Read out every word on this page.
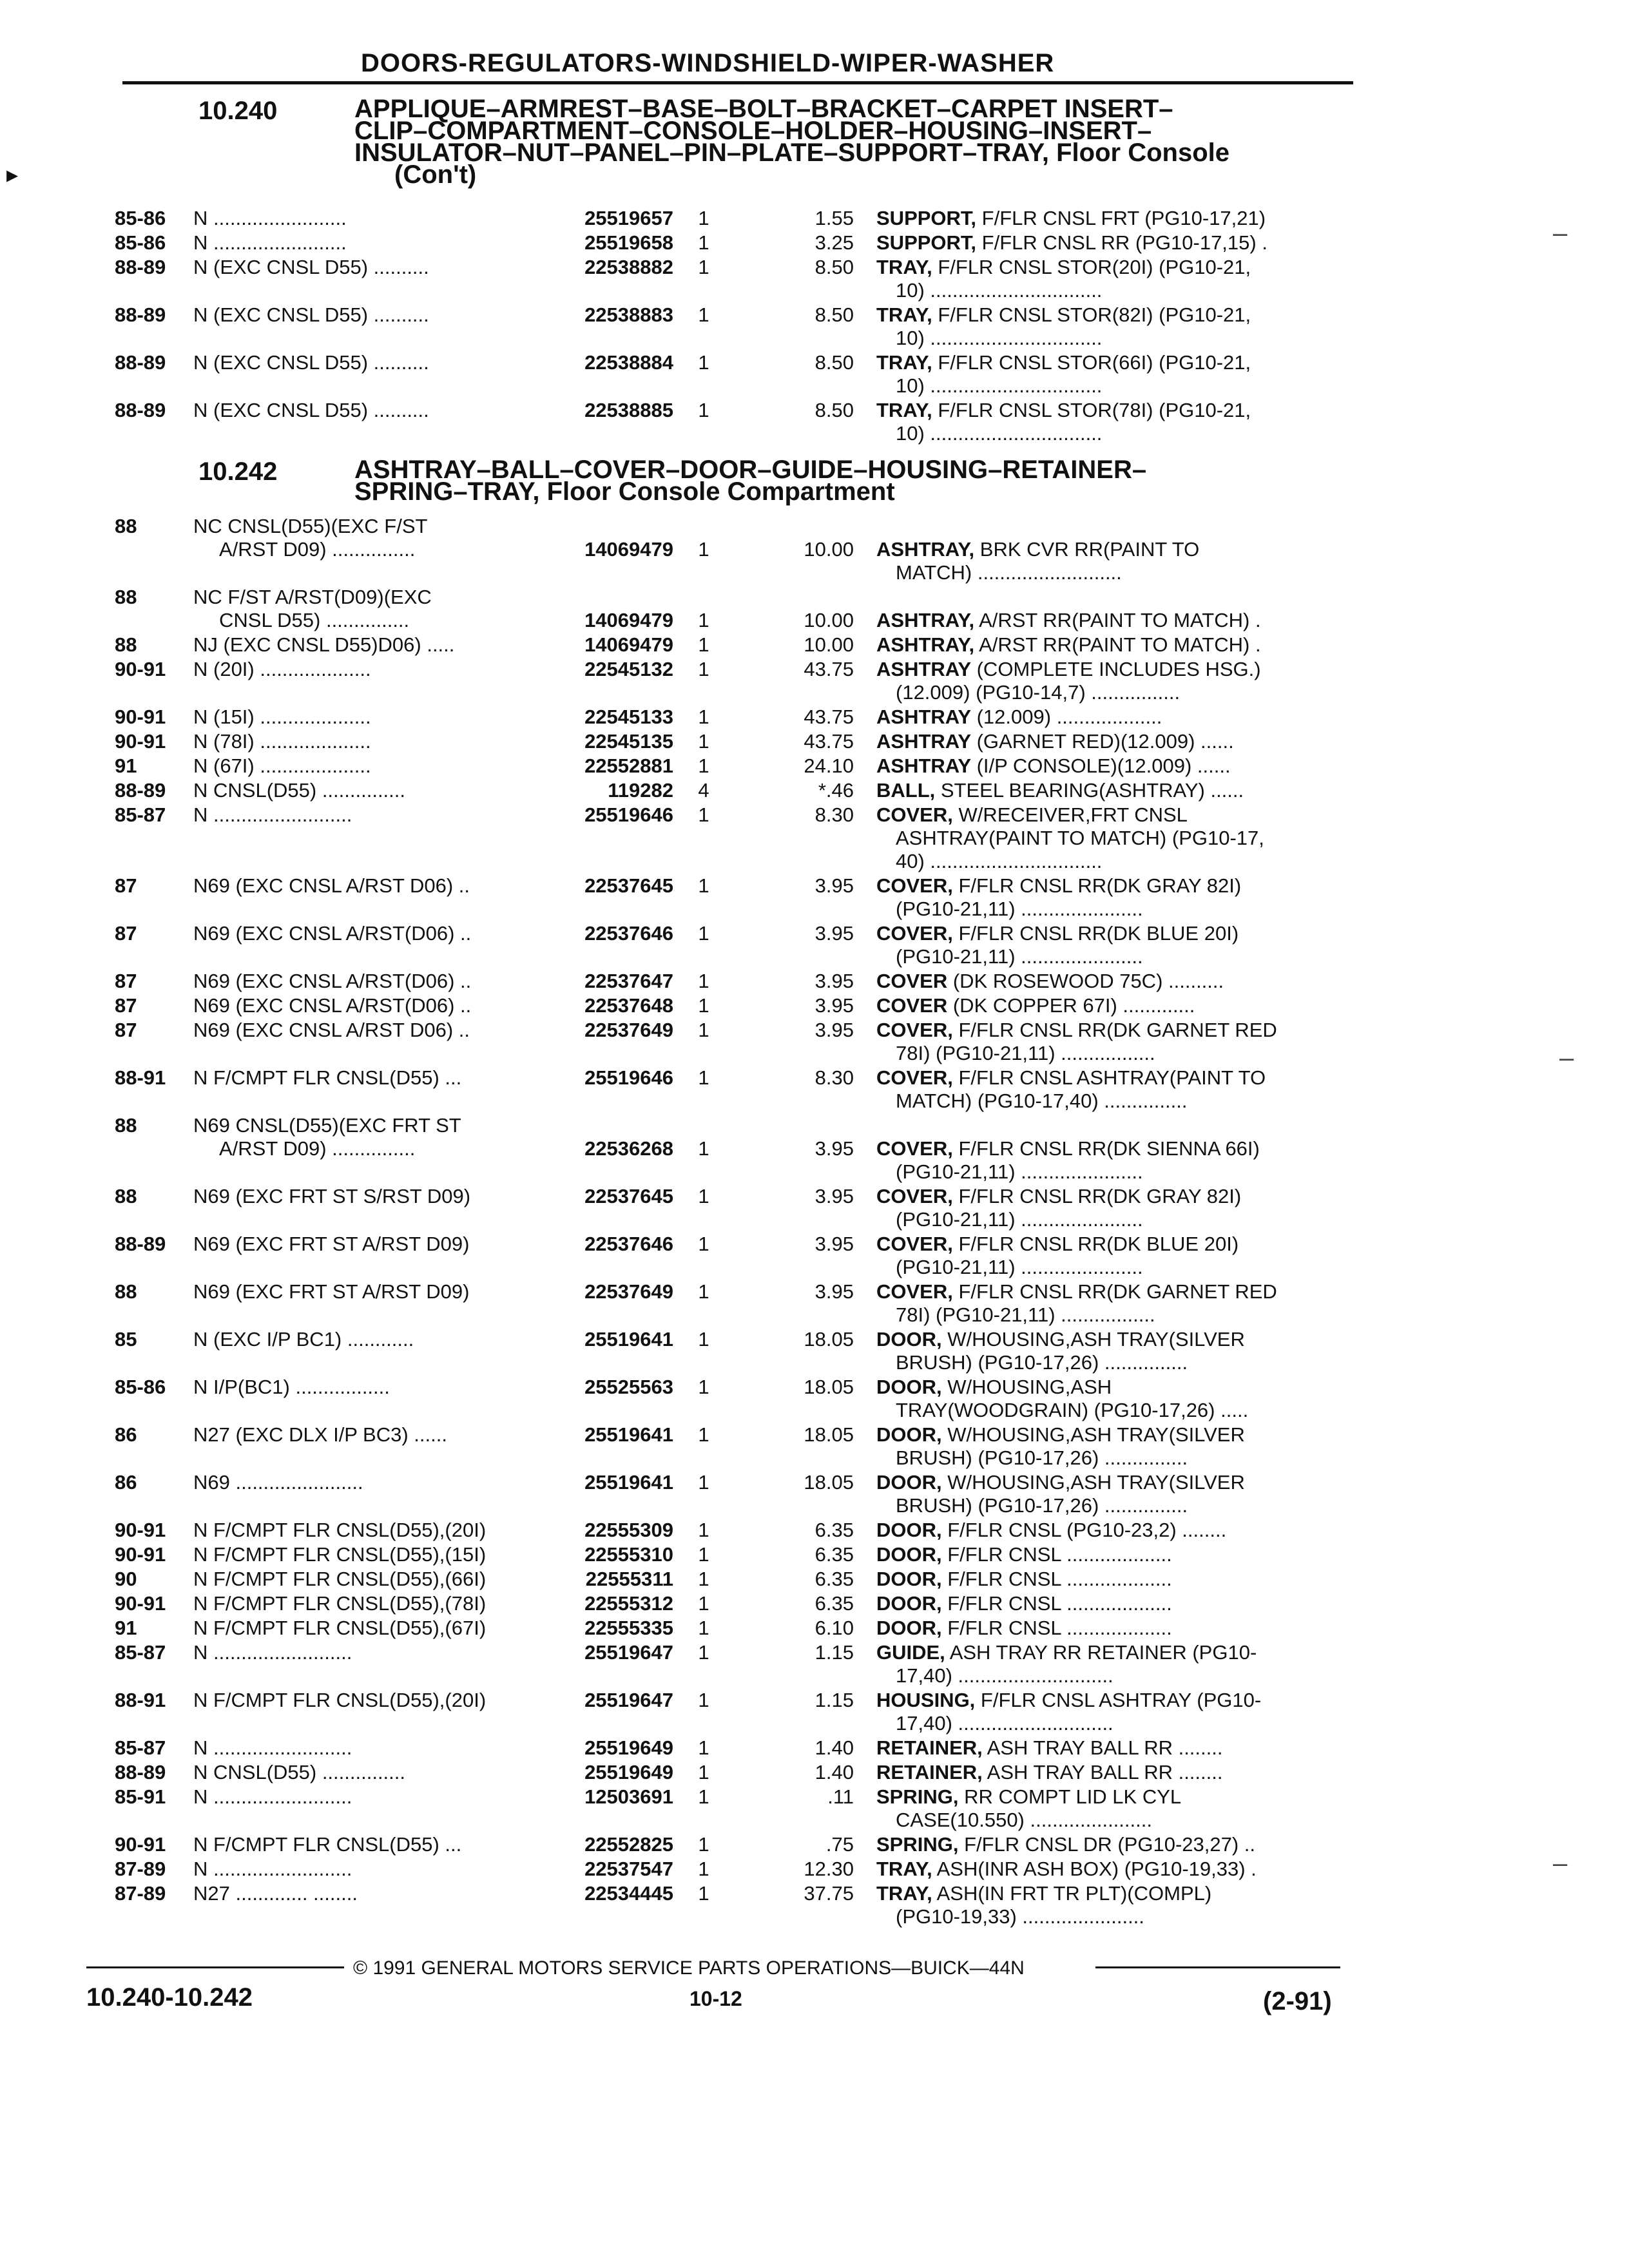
DOORS-REGULATORS-WINDSHIELD-WIPER-WASHER
▸
–
–
–
10.240	APPLIQUE–ARMREST–BASE–BOLT–BRACKET–CARPET INSERT–
CLIP–COMPARTMENT–CONSOLE–HOLDER–HOUSING–INSERT–
INSULATOR–NUT–PANEL–PIN–PLATE–SUPPORT–TRAY, Floor Console
(Con't)
85-86 N ........................	25519657	1	1.55 SUPPORT, F/FLR CNSL FRT (PG10-17,21)
85-86 N ........................	25519658	1	3.25 SUPPORT, F/FLR CNSL RR (PG10-17,15) .
88-89 N (EXC CNSL D55) ..........	22538882	1	8.50 TRAY, F/FLR CNSL STOR(20I) (PG10-21,
10) ...............................
88-89 N (EXC CNSL D55) ..........	22538883	1	8.50 TRAY, F/FLR CNSL STOR(82I) (PG10-21,
10) ...............................
88-89 N (EXC CNSL D55) ..........	22538884	1	8.50 TRAY, F/FLR CNSL STOR(66I) (PG10-21,
10) ...............................
88-89 N (EXC CNSL D55) ..........	22538885	1	8.50 TRAY, F/FLR CNSL STOR(78I) (PG10-21,
10) ...............................
10.242	ASHTRAY–BALL–COVER–DOOR–GUIDE–HOUSING–RETAINER–
SPRING–TRAY, Floor Console Compartment
88	NC CNSL(D55)(EXC F/ST
A/RST D09) ...............	14069479	1	10.00 ASHTRAY, BRK CVR RR(PAINT TO
MATCH) ..........................
88	NC F/ST A/RST(D09)(EXC
CNSL D55) ...............	14069479	1	10.00 ASHTRAY, A/RST RR(PAINT TO MATCH) .
88	NJ (EXC CNSL D55)D06) .....	14069479	1	10.00 ASHTRAY, A/RST RR(PAINT TO MATCH) .
90-91 N (20I) ....................	22545132	1	43.75 ASHTRAY (COMPLETE INCLUDES HSG.)
(12.009) (PG10-14,7) ................
90-91 N (15I) ....................	22545133	1	43.75 ASHTRAY (12.009) ...................
90-91 N (78I) ....................	22545135	1	43.75 ASHTRAY (GARNET RED)(12.009) ......
91	N (67I) ....................	22552881	1	24.10 ASHTRAY (I/P CONSOLE)(12.009) ......
88-89 N CNSL(D55) ...............	119282	4	*.46 BALL, STEEL BEARING(ASHTRAY) ......
85-87 N .........................	25519646	1	8.30 COVER, W/RECEIVER,FRT CNSL
ASHTRAY(PAINT TO MATCH) (PG10-17,
40) ...............................
87	N69 (EXC CNSL A/RST D06) ..	22537645	1	3.95 COVER, F/FLR CNSL RR(DK GRAY 82I)
(PG10-21,11) ......................
87	N69 (EXC CNSL A/RST(D06) ..	22537646	1	3.95 COVER, F/FLR CNSL RR(DK BLUE 20I)
(PG10-21,11) ......................
87	N69 (EXC CNSL A/RST(D06) ..	22537647	1	3.95 COVER (DK ROSEWOOD 75C) ..........
87	N69 (EXC CNSL A/RST(D06) ..	22537648	1	3.95 COVER (DK COPPER 67I) .............
87	N69 (EXC CNSL A/RST D06) ..	22537649	1	3.95 COVER, F/FLR CNSL RR(DK GARNET RED
78I) (PG10-21,11) .................
88-91 N F/CMPT FLR CNSL(D55) ...	25519646	1	8.30 COVER, F/FLR CNSL ASHTRAY(PAINT TO
MATCH) (PG10-17,40) ...............
88	N69 CNSL(D55)(EXC FRT ST
A/RST D09) ...............	22536268	1	3.95 COVER, F/FLR CNSL RR(DK SIENNA 66I)
(PG10-21,11) ......................
88	N69 (EXC FRT ST S/RST D09)	22537645	1	3.95 COVER, F/FLR CNSL RR(DK GRAY 82I)
(PG10-21,11) ......................
88-89 N69 (EXC FRT ST A/RST D09)	22537646	1	3.95 COVER, F/FLR CNSL RR(DK BLUE 20I)
(PG10-21,11) ......................
88	N69 (EXC FRT ST A/RST D09)	22537649	1	3.95 COVER, F/FLR CNSL RR(DK GARNET RED
78I) (PG10-21,11) .................
85	N (EXC I/P BC1) ............	25519641	1	18.05 DOOR, W/HOUSING,ASH TRAY(SILVER
BRUSH) (PG10-17,26) ...............
85-86 N I/P(BC1) .................	25525563	1	18.05 DOOR, W/HOUSING,ASH
TRAY(WOODGRAIN) (PG10-17,26) .....
86	N27 (EXC DLX I/P BC3) ......	25519641	1	18.05 DOOR, W/HOUSING,ASH TRAY(SILVER
BRUSH) (PG10-17,26) ...............
86	N69 .......................	25519641	1	18.05 DOOR, W/HOUSING,ASH TRAY(SILVER
BRUSH) (PG10-17,26) ...............
90-91 N F/CMPT FLR CNSL(D55),(20I)	22555309	1	6.35 DOOR, F/FLR CNSL (PG10-23,2) ........
90-91 N F/CMPT FLR CNSL(D55),(15I)	22555310	1	6.35 DOOR, F/FLR CNSL ...................
90	N F/CMPT FLR CNSL(D55),(66I)	22555311	1	6.35 DOOR, F/FLR CNSL ...................
90-91 N F/CMPT FLR CNSL(D55),(78I)	22555312	1	6.35 DOOR, F/FLR CNSL ...................
91	N F/CMPT FLR CNSL(D55),(67I)	22555335	1	6.10 DOOR, F/FLR CNSL ...................
85-87 N .........................	25519647	1	1.15 GUIDE, ASH TRAY RR RETAINER (PG10-
17,40) ............................
88-91 N F/CMPT FLR CNSL(D55),(20I)	25519647	1	1.15 HOUSING, F/FLR CNSL ASHTRAY (PG10-
17,40) ............................
85-87 N .........................	25519649	1	1.40 RETAINER, ASH TRAY BALL RR ........
88-89 N CNSL(D55) ...............	25519649	1	1.40 RETAINER, ASH TRAY BALL RR ........
85-91 N .........................	12503691	1	.11 SPRING, RR COMPT LID LK CYL
CASE(10.550) ......................
90-91 N F/CMPT FLR CNSL(D55) ...	22552825	1	.75 SPRING, F/FLR CNSL DR (PG10-23,27) ..
87-89 N .........................	22537547	1	12.30 TRAY, ASH(INR ASH BOX) (PG10-19,33) .
87-89 N27 ............. ........	22534445	1	37.75 TRAY, ASH(IN FRT TR PLT)(COMPL)
(PG10-19,33) ......................
© 1991 GENERAL MOTORS SERVICE PARTS OPERATIONS—BUICK—44N
10.240-10.242	10-12	(2-91)
